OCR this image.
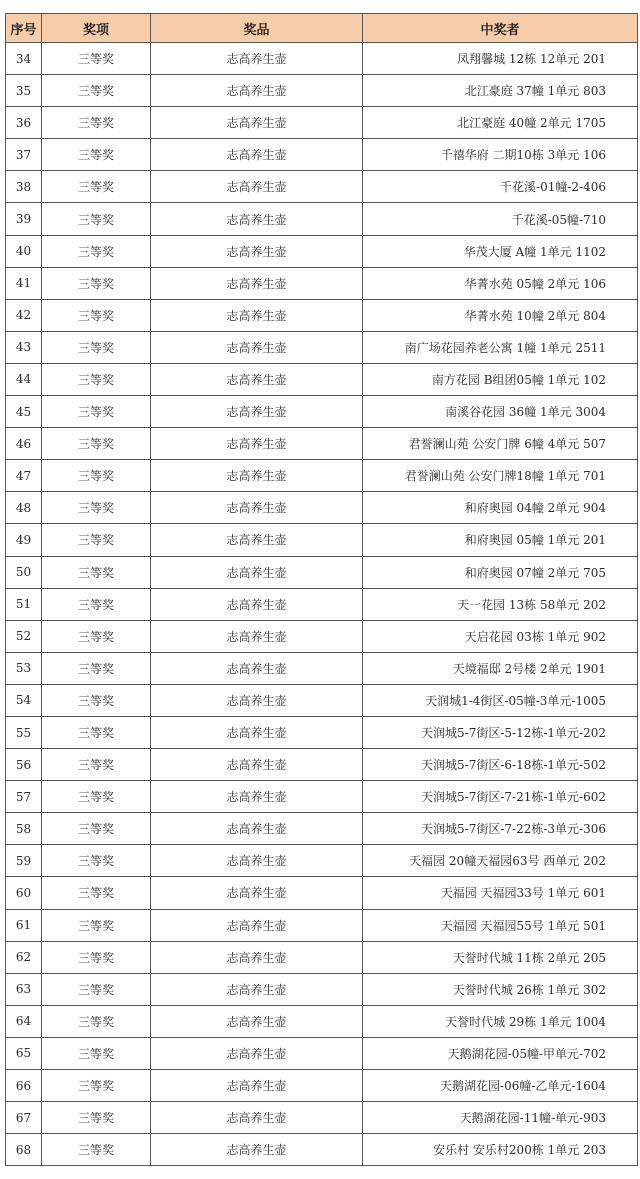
序号	奖项	奖品	中奖者
34	三等奖	志高养生壶	凤翔馨城 12栋 12单元 201
35	三等奖	志高养生壶	北江豪庭 37幢 1单元 803
36	三等奖	志高养生壶	北江豪庭 40幢 2单元 1705
37	三等奖	志高养生壶	千禧华府 二期10栋 3单元 106
38	三等奖	志高养生壶	千花溪-01幢-2-406
39	三等奖	志高养生壶	千花溪-05幢-710
40	三等奖	志高养生壶	华茂大厦 A幢 1单元 1102
41	三等奖	志高养生壶	华菁水苑 05幢 2单元 106
42	三等奖	志高养生壶	华菁水苑 10幢 2单元 804
43	三等奖	志高养生壶	南广场花园养老公寓 1幢 1单元 2511
44	三等奖	志高养生壶	南方花园 B组团05幢 1单元 102
45	三等奖	志高养生壶	南溪谷花园 36幢 1单元 3004
46	三等奖	志高养生壶	君誉澜山苑 公安门牌 6幢 4单元 507
47	三等奖	志高养生壶	君誉澜山苑 公安门牌18幢 1单元 701
48	三等奖	志高养生壶	和府奥园 04幢 2单元 904
49	三等奖	志高养生壶	和府奥园 05幢 1单元 201
50	三等奖	志高养生壶	和府奥园 07幢 2单元 705
51	三等奖	志高养生壶	天一花园 13栋 58单元 202
52	三等奖	志高养生壶	天启花园 03栋 1单元 902
53	三等奖	志高养生壶	天境福邸 2号楼 2单元 1901
54	三等奖	志高养生壶	天润城1-4街区-05幢-3单元-1005
55	三等奖	志高养生壶	天润城5-7街区-5-12栋-1单元-202
56	三等奖	志高养生壶	天润城5-7街区-6-18栋-1单元-502
57	三等奖	志高养生壶	天润城5-7街区-7-21栋-1单元-602
58	三等奖	志高养生壶	天润城5-7街区-7-22栋-3单元-306
59	三等奖	志高养生壶	天福园 20幢天福园63号 西单元 202
60	三等奖	志高养生壶	天福园 天福园33号 1单元 601
61	三等奖	志高养生壶	天福园 天福园55号 1单元 501
62	三等奖	志高养生壶	天誉时代城 11栋 2单元 205
63	三等奖	志高养生壶	天誉时代城 26栋 1单元 302
64	三等奖	志高养生壶	天誉时代城 29栋 1单元 1004
65	三等奖	志高养生壶	天鹅湖花园-05幢-甲单元-702
66	三等奖	志高养生壶	天鹅湖花园-06幢-乙单元-1604
67	三等奖	志高养生壶	天鹅湖花园-11幢-单元-903
68	三等奖	志高养生壶	安乐村 安乐村200栋 1单元 203
